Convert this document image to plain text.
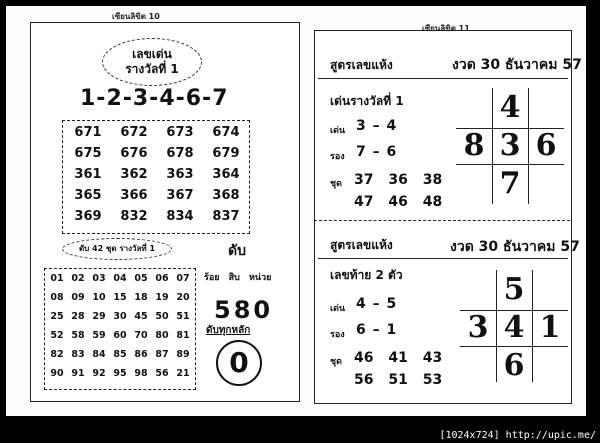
เซียนลิขิต 10
เลขเด่น
รางวัลที่ 1
1-2-3-4-6-7
671	672	673	674
675	676	678	679
361	362	363	364
365	366	367	368
369	832	834	837
ดับ 42 ชุด รางวัลที่ 1
01 02 03 04 05 06 07
08 09 10 15 18 19 20
25 28 29 30 45 50 51
52 58 59 60 70 80 81
82 83 84 85 86 87 89
90 91 92 95 98 56 21
ดับ
ร้อย สิบ หน่วย
580
ดับทุกหลัก
0
เซียนลิขิต 11
สูตรเลขแห้ง	งวด 30 ธันวาคม 57
เด่นรางวัลที่ 1
เด่น 3 – 4
รอง 7 – 6
ชุด 37 36 38
47 46 48
4
8 3 6
7
สูตรเลขแห้ง	งวด 30 ธันวาคม 57
เลขท้าย 2 ตัว
เด่น 4 – 5
รอง 6 – 1
ชุด 46 41 43
56 51 53
5
3 4 1
6
[1024x724] http://upic.me/
